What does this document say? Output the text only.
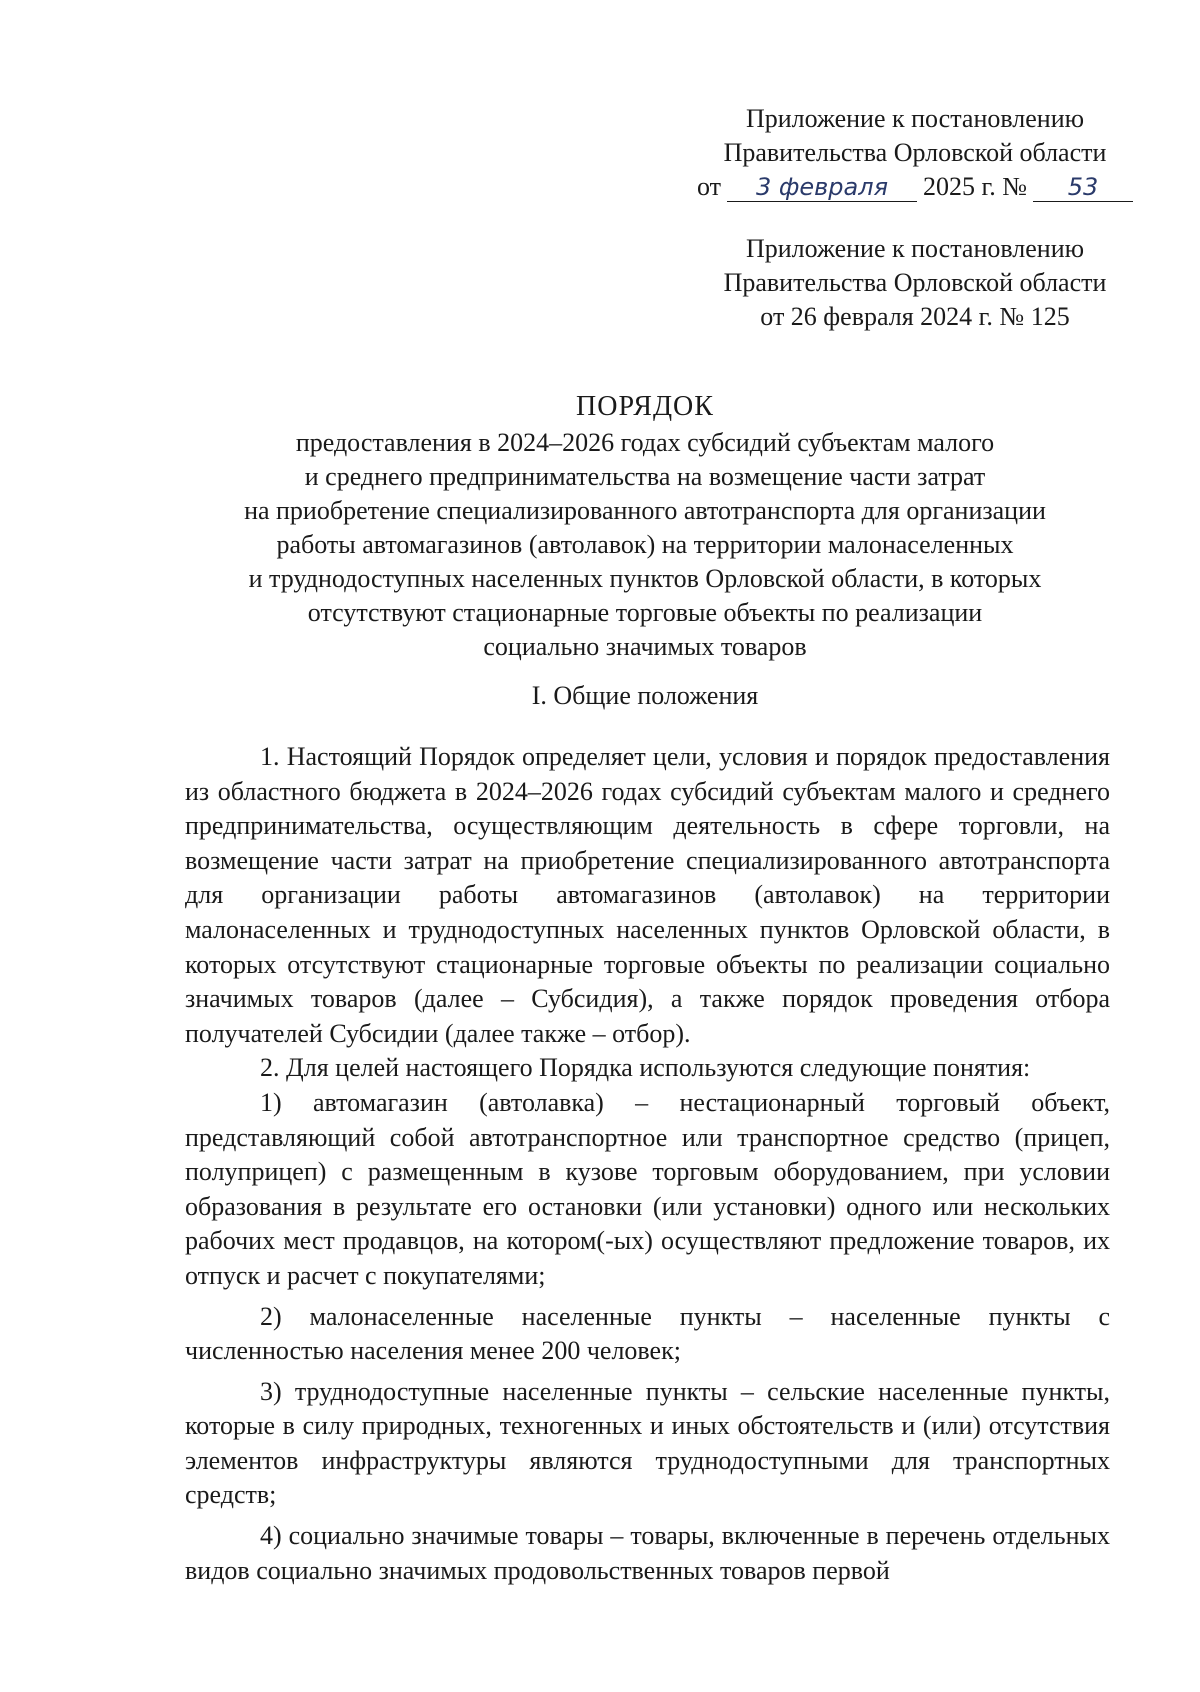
Приложение к постановлению

Правительства Орловской области

от	3 февраля	2025 г. №	53

Приложение к постановлению

Правительства Орловской области

от 26 февраля 2024 г. № 125

ПОРЯДОК

предоставления в 2024–2026 годах субсидий субъектам малого

и среднего предпринимательства на возмещение части затрат

на приобретение специализированного автотранспорта для организации

работы автомагазинов (автолавок) на территории малонаселенных

и труднодоступных населенных пунктов Орловской области, в которых

отсутствуют стационарные торговые объекты по реализации

социально значимых товаров

I. Общие положения

1. Настоящий Порядок определяет цели, условия и порядок предоставления из областного бюджета в 2024–2026 годах субсидий субъектам малого и среднего предпринимательства, осуществляющим деятельность в сфере торговли, на возмещение части затрат на приобретение специализированного автотранспорта для организации работы автомагазинов (автолавок) на территории малонаселенных и труднодоступных населенных пунктов Орловской области, в которых отсутствуют стационарные торговые объекты по реализации социально значимых товаров (далее – Субсидия), а также порядок проведения отбора получателей Субсидии (далее также – отбор).

2. Для целей настоящего Порядка используются следующие понятия:

1) автомагазин (автолавка) – нестационарный торговый объект, представляющий собой автотранспортное или транспортное средство (прицеп, полуприцеп) с размещенным в кузове торговым оборудованием, при условии образования в результате его остановки (или установки) одного или нескольких рабочих мест продавцов, на котором(-ых) осуществляют предложение товаров, их отпуск и расчет с покупателями;

2) малонаселенные населенные пункты – населенные пункты с численностью населения менее 200 человек;

3) труднодоступные населенные пункты – сельские населенные пункты, которые в силу природных, техногенных и иных обстоятельств и (или) отсутствия элементов инфраструктуры являются труднодоступными для транспортных средств;

4) социально значимые товары – товары, включенные в перечень отдельных видов социально значимых продовольственных товаров первой
